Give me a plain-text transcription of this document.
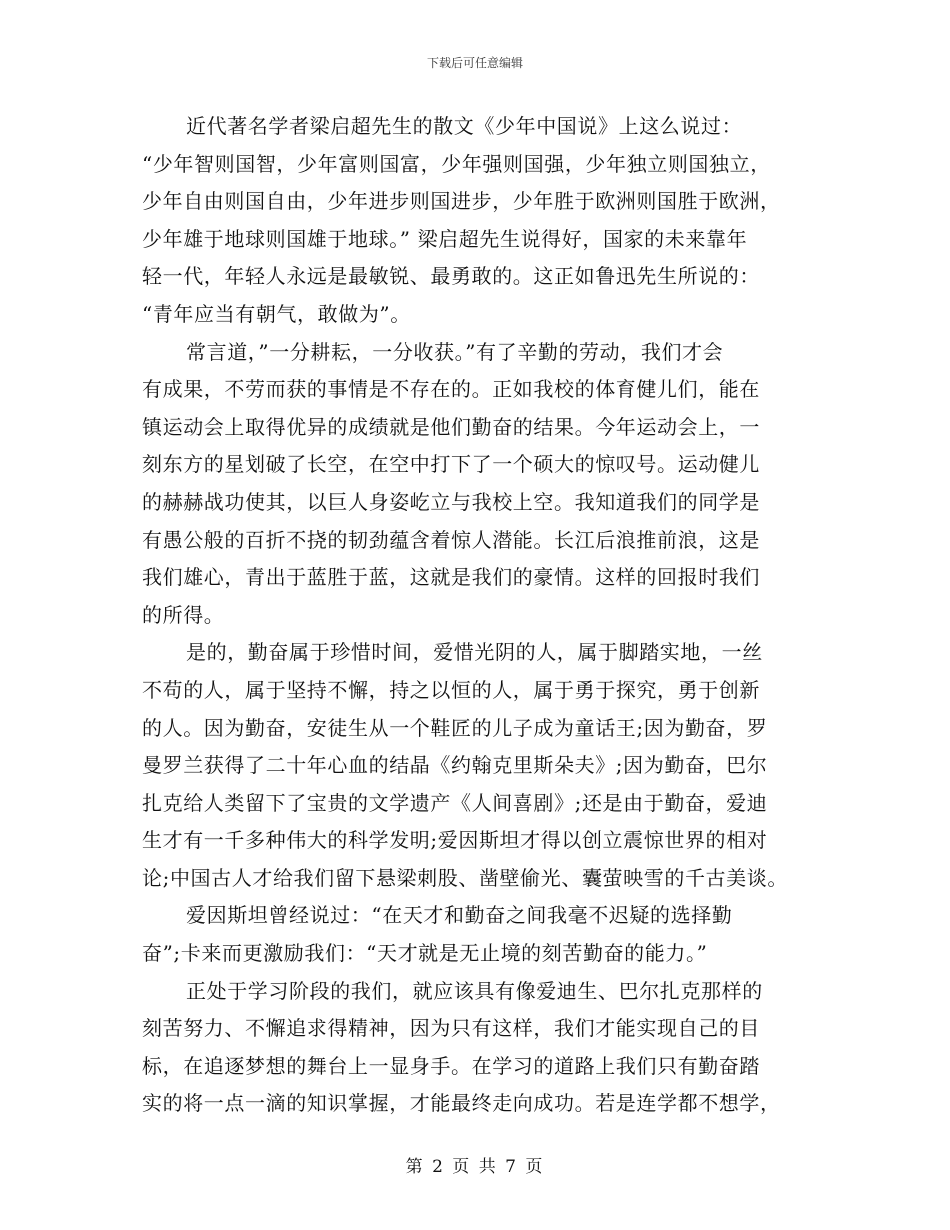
下载后可任意编辑
近代著名学者梁启超先生的散文《少年中国说》上这么说过：
“少年智则国智，少年富则国富，少年强则国强，少年独立则国独立，
少年自由则国自由，少年进步则国进步，少年胜于欧洲则国胜于欧洲，
少年雄于地球则国雄于地球。” 梁启超先生说得好，国家的未来靠年
轻一代，年轻人永远是最敏锐、最勇敢的。这正如鲁迅先生所说的：
“青年应当有朝气，敢做为”。
常言道，”一分耕耘，一分收获。”有了辛勤的劳动，我们才会
有成果，不劳而获的事情是不存在的。正如我校的体育健儿们，能在
镇运动会上取得优异的成绩就是他们勤奋的结果。今年运动会上，一
刻东方的星划破了长空，在空中打下了一个硕大的惊叹号。运动健儿
的赫赫战功使其，以巨人身姿屹立与我校上空。我知道我们的同学是
有愚公般的百折不挠的韧劲蕴含着惊人潜能。长江后浪推前浪，这是
我们雄心，青出于蓝胜于蓝，这就是我们的豪情。这样的回报时我们
的所得。
是的，勤奋属于珍惜时间，爱惜光阴的人，属于脚踏实地，一丝
不苟的人，属于坚持不懈，持之以恒的人，属于勇于探究，勇于创新
的人。因为勤奋，安徒生从一个鞋匠的儿子成为童话王;因为勤奋，罗
曼罗兰获得了二十年心血的结晶《约翰克里斯朵夫》;因为勤奋，巴尔
扎克给人类留下了宝贵的文学遗产《人间喜剧》;还是由于勤奋，爱迪
生才有一千多种伟大的科学发明;爱因斯坦才得以创立震惊世界的相对
论;中国古人才给我们留下悬梁刺股、凿壁偷光、囊萤映雪的千古美谈。
爱因斯坦曾经说过：“在天才和勤奋之间我毫不迟疑的选择勤
奋”;卡来而更激励我们：“天才就是无止境的刻苦勤奋的能力。”
正处于学习阶段的我们，就应该具有像爱迪生、巴尔扎克那样的
刻苦努力、不懈追求得精神，因为只有这样，我们才能实现自己的目
标，在追逐梦想的舞台上一显身手。在学习的道路上我们只有勤奋踏
实的将一点一滴的知识掌握，才能最终走向成功。若是连学都不想学，
第 2 页 共 7 页
